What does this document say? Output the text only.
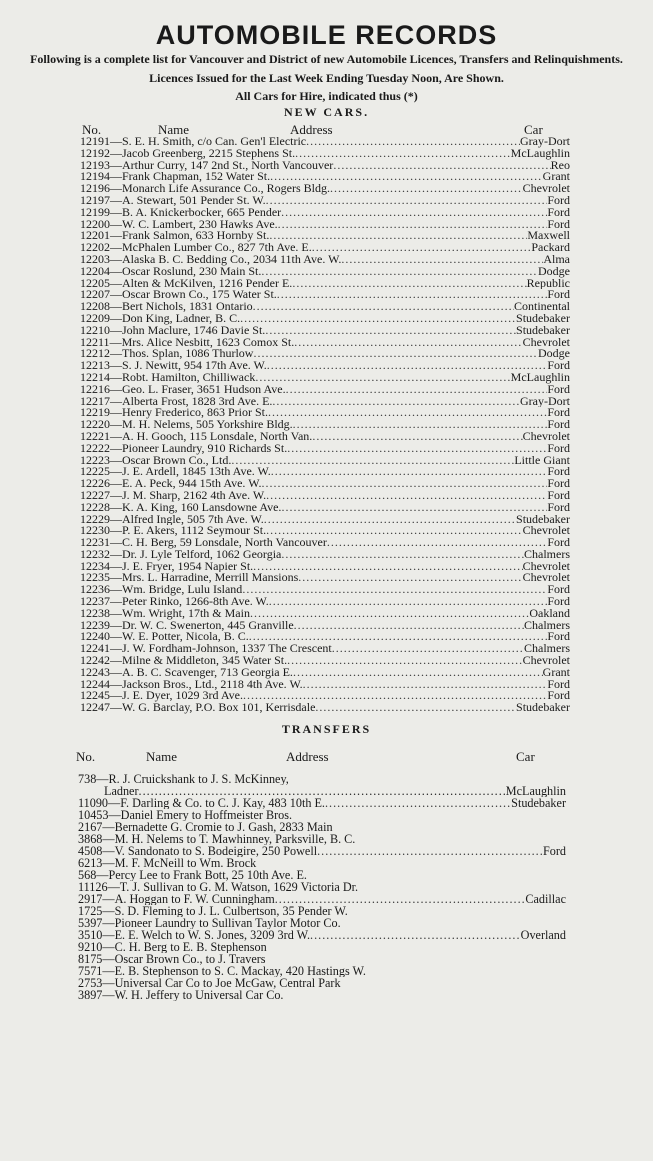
AUTOMOBILE RECORDS
Following is a complete list for Vancouver and District of new Automobile Licences, Transfers and Relinquishments.
Licences Issued for the Last Week Ending Tuesday Noon, Are Shown.
All Cars for Hire, indicated thus (*)
NEW CARS.
No.	Name	Address	Car
12191 — S. E. H. Smith, c/o Can. Gen'l Electric .....	Gray-Dort
12192 — Jacob Greenberg, 2215 Stephens St. .....	McLaughlin
12193 — Arthur Curry, 147 2nd St., North Vancouver .....	Reo
12194 — Frank Chapman, 152 Water St. .....	Grant
12196 — Monarch Life Assurance Co., Rogers Bldg. .....	Chevrolet
12197 — A. Stewart, 501 Pender St. W. .....	Ford
12199 — B. A. Knickerbocker, 665 Pender .....	Ford
12200 — W. C. Lambert, 230 Hawks Ave. .....	Ford
12201 — Frank Salmon, 633 Hornby St. .....	Maxwell
12202 — McPhalen Lumber Co., 827 7th Ave. E. .....	Packard
12203 — Alaska B. C. Bedding Co., 2034 11th Ave. W. .....	Alma
12204 — Oscar Roslund, 230 Main St. .....	Dodge
12205 — Alten & McKilven, 1216 Pender E. .....	Republic
12207 — Oscar Brown Co., 175 Water St. .....	Ford
12208 — Bert Nichols, 1831 Ontario .....	Continental
12209 — Don King, Ladner, B. C. .....	Studebaker
12210 — John Maclure, 1746 Davie St. .....	Studebaker
12211 — Mrs. Alice Nesbitt, 1623 Comox St. .....	Chevrolet
12212 — Thos. Splan, 1086 Thurlow .....	Dodge
12213 — S. J. Newitt, 954 17th Ave. W. .....	Ford
12214 — Robt. Hamilton, Chilliwack .....	McLaughlin
12216 — Geo. L. Fraser, 3651 Hudson Ave. .....	Ford
12217 — Alberta Frost, 1828 3rd Ave. E. .....	Gray-Dort
12219 — Henry Frederico, 863 Prior St. .....	Ford
12220 — M. H. Nelems, 505 Yorkshire Bldg. .....	Ford
12221 — A. H. Gooch, 115 Lonsdale, North Van. .....	Chevrolet
12222 — Pioneer Laundry, 910 Richards St. .....	Ford
12223 — Oscar Brown Co., Ltd. .....	Little Giant
12225 — J. E. Ardell, 1845 13th Ave. W. .....	Ford
12226 — E. A. Peck, 944 15th Ave. W. .....	Ford
12227 — J. M. Sharp, 2162 4th Ave. W. .....	Ford
12228 — K. A. King, 160 Lansdowne Ave. .....	Ford
12229 — Alfred Ingle, 505 7th Ave. W. .....	Studebaker
12230 — P. E. Akers, 1112 Seymour St. .....	Chevrolet
12231 — C. H. Berg, 59 Lonsdale, North Vancouver .....	Ford
12232 — Dr. J. Lyle Telford, 1062 Georgia .....	Chalmers
12234 — J. E. Fryer, 1954 Napier St. .....	Chevrolet
12235 — Mrs. L. Harradine, Merrill Mansions .....	Chevrolet
12236 — Wm. Bridge, Lulu Island .....	Ford
12237 — Peter Rinko, 1266-8th Ave. W. .....	Ford
12238 — Wm. Wright, 17th & Main .....	Oakland
12239 — Dr. W. C. Swenerton, 445 Granville .....	Chalmers
12240 — W. E. Potter, Nicola, B. C. .....	Ford
12241 — J. W. Fordham-Johnson, 1337 The Crescent .....	Chalmers
12242 — Milne & Middleton, 345 Water St. .....	Chevrolet
12243 — A. B. C. Scavenger, 713 Georgia E. .....	Grant
12244 — Jackson Bros., Ltd., 2118 4th Ave. W. .....	Ford
12245 — J. E. Dyer, 1029 3rd Ave. .....	Ford
12247 — W. G. Barclay, P.O. Box 101, Kerrisdale .....	Studebaker
TRANSFERS
No.	Name	Address	Car
738 — R. J. Cruickshank to J. S. McKinney,
Ladner .....	McLaughlin
11090 — F. Darling & Co. to C. J. Kay, 483 10th E. .....	Studebaker
10453 — Daniel Emery to Hoffmeister Bros.
2167 — Bernadette G. Cromie to J. Gash, 2833 Main
3868 — M. H. Nelems to T. Mawhinney, Parksville, B. C.
4508 — V. Sandonato to S. Bodeigire, 250 Powell .....	Ford
6213 — M. F. McNeill to Wm. Brock
568 — Percy Lee to Frank Bott, 25 10th Ave. E.
11126 — T. J. Sullivan to G. M. Watson, 1629 Victoria Dr.
2917 — A. Hoggan to F. W. Cunningham .....	Cadillac
1725 — S. D. Fleming to J. L. Culbertson, 35 Pender W.
5397 — Pioneer Laundry to Sullivan Taylor Motor Co.
3510 — E. E. Welch to W. S. Jones, 3209 3rd W. .....	Overland
9210 — C. H. Berg to E. B. Stephenson
8175 — Oscar Brown Co., to J. Travers
7571 — E. B. Stephenson to S. C. Mackay, 420 Hastings W.
2753 — Universal Car Co to Joe McGaw, Central Park
3897 — W. H. Jeffery to Universal Car Co.
